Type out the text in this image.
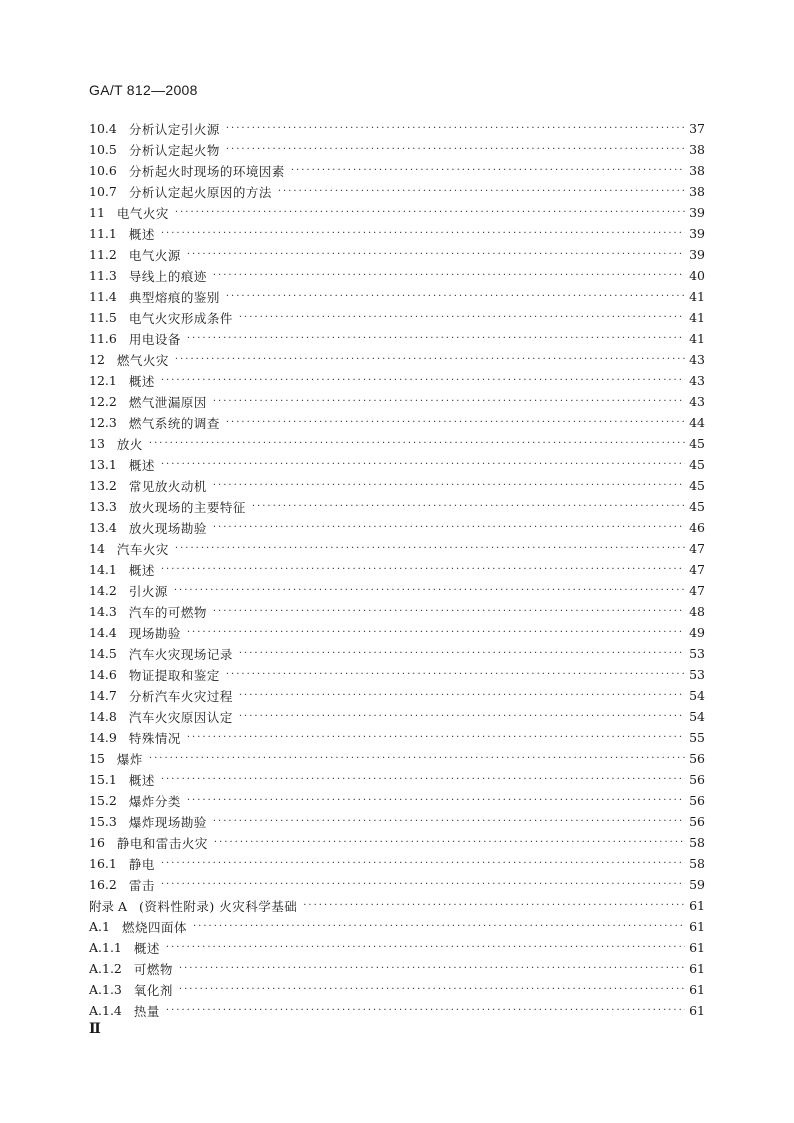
GA/T 812—2008
10.4 分析认定引火源 ·····	37
10.5 分析认定起火物 ·····	38
10.6 分析起火时现场的环境因素 ·····	38
10.7 分析认定起火原因的方法 ·····	38
11 电气火灾 ·····	39
11.1 概述 ·····	39
11.2 电气火源 ·····	39
11.3 导线上的痕迹 ·····	40
11.4 典型熔痕的鉴别 ·····	41
11.5 电气火灾形成条件 ·····	41
11.6 用电设备 ·····	41
12 燃气火灾 ·····	43
12.1 概述 ·····	43
12.2 燃气泄漏原因 ·····	43
12.3 燃气系统的调查 ·····	44
13 放火 ·····	45
13.1 概述 ·····	45
13.2 常见放火动机 ·····	45
13.3 放火现场的主要特征 ·····	45
13.4 放火现场勘验 ·····	46
14 汽车火灾 ·····	47
14.1 概述 ·····	47
14.2 引火源 ·····	47
14.3 汽车的可燃物 ·····	48
14.4 现场勘验 ·····	49
14.5 汽车火灾现场记录 ·····	53
14.6 物证提取和鉴定 ·····	53
14.7 分析汽车火灾过程 ·····	54
14.8 汽车火灾原因认定 ·····	54
14.9 特殊情况 ·····	55
15 爆炸 ·····	56
15.1 概述 ·····	56
15.2 爆炸分类 ·····	56
15.3 爆炸现场勘验 ·····	56
16 静电和雷击火灾 ·····	58
16.1 静电 ·····	58
16.2 雷击 ·····	59
附录 A (资料性附录) 火灾科学基础 ·····	61
A.1 燃烧四面体 ·····	61
A.1.1 概述 ·····	61
A.1.2 可燃物 ·····	61
A.1.3 氧化剂 ·····	61
A.1.4 热量 ·····	61
Ⅱ
